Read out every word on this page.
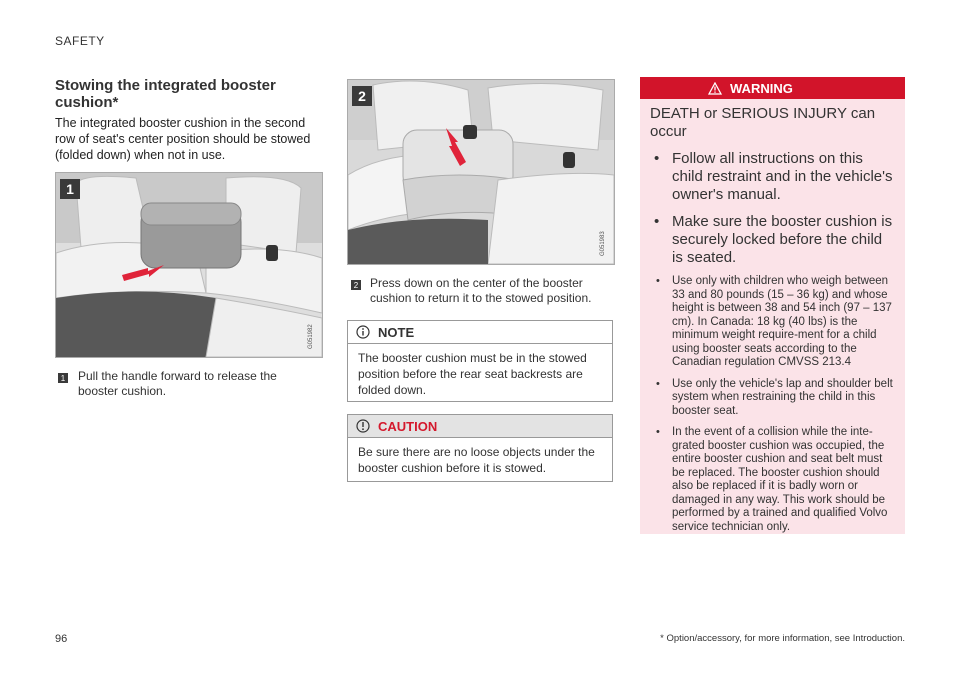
SAFETY
Stowing the integrated booster cushion*
The integrated booster cushion in the second row of seat's center position should be stowed (folded down) when not in use.
1
G051982
1 Pull the handle forward to release the booster cushion.
2
G051983
2 Press down on the center of the booster cushion to return it to the stowed position.
NOTE
The booster cushion must be in the stowed position before the rear seat backrests are folded down.
CAUTION
Be sure there are no loose objects under the booster cushion before it is stowed.
WARNING
DEATH or SERIOUS INJURY can occur
• Follow all instructions on this child restraint and in the vehicle's owner's manual.
• Make sure the booster cushion is securely locked before the child is seated.
• Use only with children who weigh between 33 and 80 pounds (15 – 36 kg) and whose height is between 38 and 54 inch (97 – 137 cm). In Canada: 18 kg (40 lbs) is the minimum weight require-ment for a child using booster seats according to the Canadian regulation CMVSS 213.4
• Use only the vehicle's lap and shoulder belt system when restraining the child in this booster seat.
• In the event of a collision while the inte-grated booster cushion was occupied, the entire booster cushion and seat belt must be replaced. The booster cushion should also be replaced if it is badly worn or damaged in any way. This work should be performed by a trained and qualified Volvo service technician only.
96	* Option/accessory, for more information, see Introduction.
